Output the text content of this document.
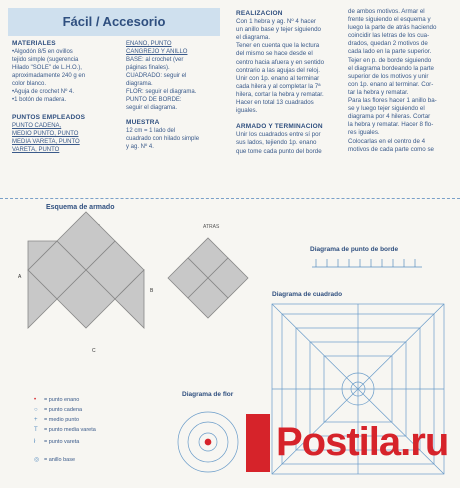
Fácil / Accesorio
MATERIALES
•Algodón 8/5 en ovillos
tejido simple (sugerencia
Hilado "SOLE" de L.H.O.),
aproximadamente 240 g en
color blanco.
•Aguja de crochet Nº 4.
•1 botón de madera.
PUNTOS EMPLEADOS
PUNTO CADENA,
MEDIO PUNTO, PUNTO
MEDIA VARETA, PUNTO
VARETA, PUNTO
ENANO, PUNTO
CANGREJO Y ANILLO
BASE: al crochet (ver
páginas finales).
CUADRADO: seguir el
diagrama.
FLOR: seguir el diagrama.
PUNTO DE BORDE:
seguir el diagrama.
MUESTRA
12 cm = 1 lado del
cuadrado con hilado simple
y ag. Nº 4.
REALIZACION
Con 1 hebra y ag. Nº 4 hacer
un anillo base y tejer siguiendo
el diagrama.
Tener en cuenta que la lectura
del mismo se hace desde el
centro hacia afuera y en sentido
contrario a las agujas del reloj.
Unir con 1p. enano al terminar
cada hilera y al completar la 7ª
hilera, cortar la hebra y rematar.
Hacer en total 13 cuadrados
iguales.
ARMADO Y TERMINACION
Unir los cuadrados entre sí por
sus lados, tejiendo 1p. enano
que tome cada punto del borde
de ambos motivos. Armar el
frente siguiendo el esquema y
luego la parte de atrás haciendo
coincidir las letras de los cua-
drados, quedan 2 motivos de
cada lado en la parte superior.
Tejer en p. de borde siguiendo
el diagrama bordeando la parte
superior de los motivos y unir
con 1p. enano al terminar. Cor-
tar la hebra y rematar.
Para las flores hacer 1 anillo ba-
se y luego tejer siguiendo el
diagrama por 4 hileras. Cortar
la hebra y rematar. Hacer 8 flo-
res iguales.
Colocarlas en el centro de 4
motivos de cada parte como se
Esquema de armado
A
B
C
ATRAS
Diagrama de punto de borde
Diagrama de cuadrado
• = punto enano
○ = punto cadena
+ = medio punto
T = punto media vareta
ł = punto vareta
◎ = anillo base
Diagrama de flor
Postila.ru
